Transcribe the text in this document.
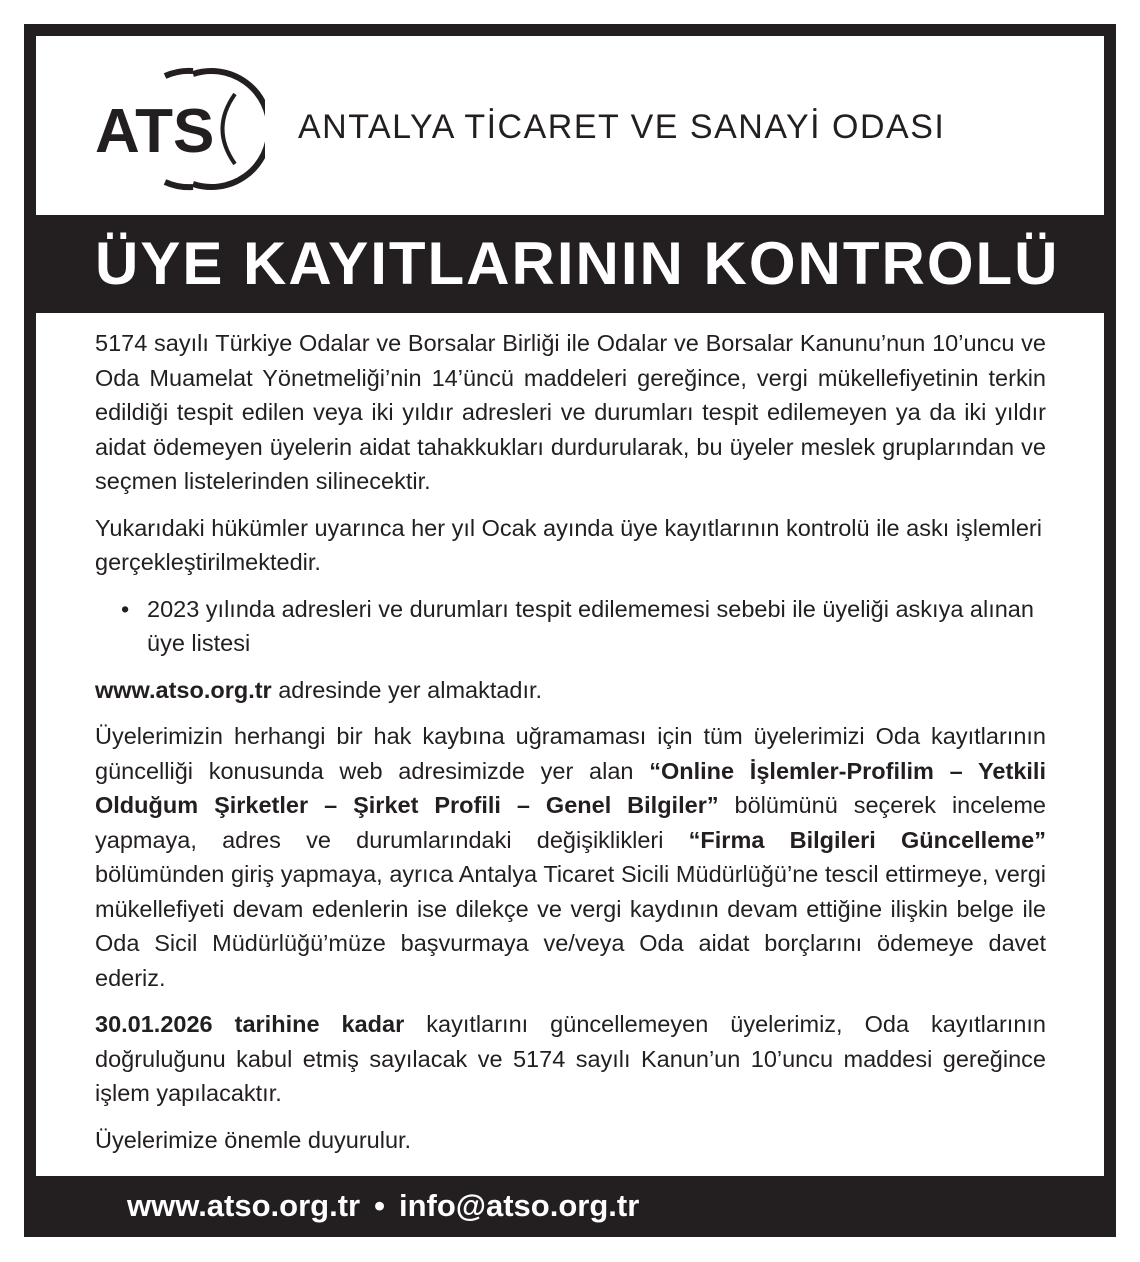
ATS ANTALYA TİCARET VE SANAYİ ODASI
ÜYE KAYITLARININ KONTROLÜ

5174 sayılı Türkiye Odalar ve Borsalar Birliği ile Odalar ve Borsalar Kanunu’nun 10’uncu ve Oda Muamelat Yönetmeliği’nin 14’üncü maddeleri gereğince, vergi mükellefiyetinin terkin edildiği tespit edilen veya iki yıldır adresleri ve durumları tespit edilemeyen ya da iki yıldır aidat ödemeyen üyelerin aidat tahakkukları durdurularak, bu üyeler meslek gruplarından ve seçmen listelerinden silinecektir.

Yukarıdaki hükümler uyarınca her yıl Ocak ayında üye kayıtlarının kontrolü ile askı işlemleri gerçekleştirilmektedir.

• 2023 yılında adresleri ve durumları tespit edilememesi sebebi ile üyeliği askıya alınan üye listesi

www.atso.org.tr adresinde yer almaktadır.

Üyelerimizin herhangi bir hak kaybına uğramaması için tüm üyelerimizi Oda kayıtlarının güncelliği konusunda web adresimizde yer alan “Online İşlemler-Profilim – Yetkili Olduğum Şirketler – Şirket Profili – Genel Bilgiler” bölümünü seçerek inceleme yapmaya, adres ve durumlarındaki değişiklikleri “Firma Bilgileri Güncelleme” bölümünden giriş yapmaya, ayrıca Antalya Ticaret Sicili Müdürlüğü’ne tescil ettirmeye, vergi mükellefiyeti devam edenlerin ise dilekçe ve vergi kaydının devam ettiğine ilişkin belge ile Oda Sicil Müdürlüğü’müze başvurmaya ve/veya Oda aidat borçlarını ödemeye davet ederiz.

30.01.2026 tarihine kadar kayıtlarını güncellemeyen üyelerimiz, Oda kayıtlarının doğruluğunu kabul etmiş sayılacak ve 5174 sayılı Kanun’un 10’uncu maddesi gereğince işlem yapılacaktır.

Üyelerimize önemle duyurulur.

www.atso.org.tr • info@atso.org.tr
